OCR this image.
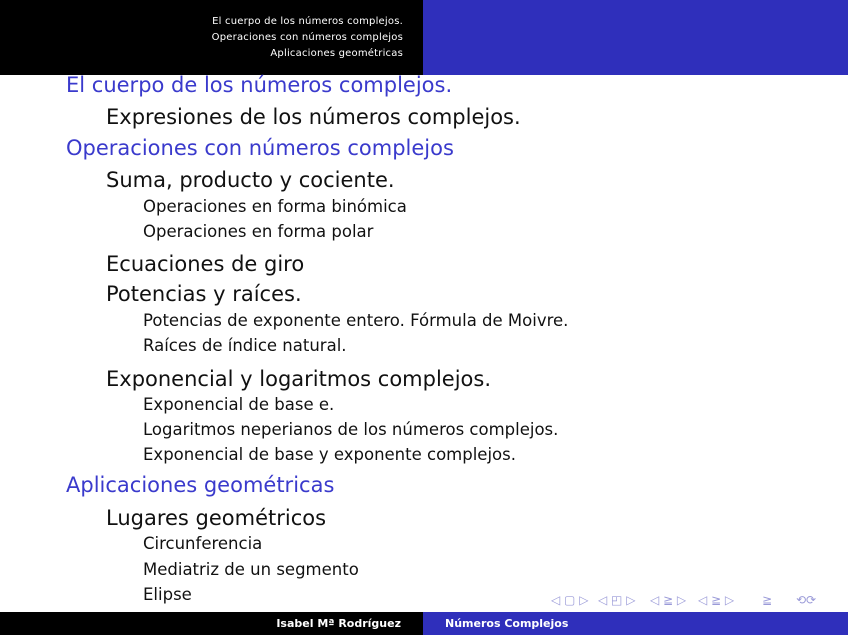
El cuerpo de los números complejos.
Operaciones con números complejos
Aplicaciones geométricas
El cuerpo de los números complejos.
Expresiones de los números complejos.
Operaciones con números complejos
Suma, producto y cociente.
Operaciones en forma binómica
Operaciones en forma polar
Ecuaciones de giro
Potencias y raíces.
Potencias de exponente entero. Fórmula de Moivre.
Raíces de índice natural.
Exponencial y logaritmos complejos.
Exponencial de base e.
Logaritmos neperianos de los números complejos.
Exponencial de base y exponente complejos.
Aplicaciones geométricas
Lugares geométricos
Circunferencia
Mediatriz de un segmento
Elipse	◁ ▢ ▷ ◁ ◰ ▷ ◁ ≧ ▷ ◁ ≧ ▷ ≧ ⟲⟳
Isabel Mª Rodríguez	Números Complejos
